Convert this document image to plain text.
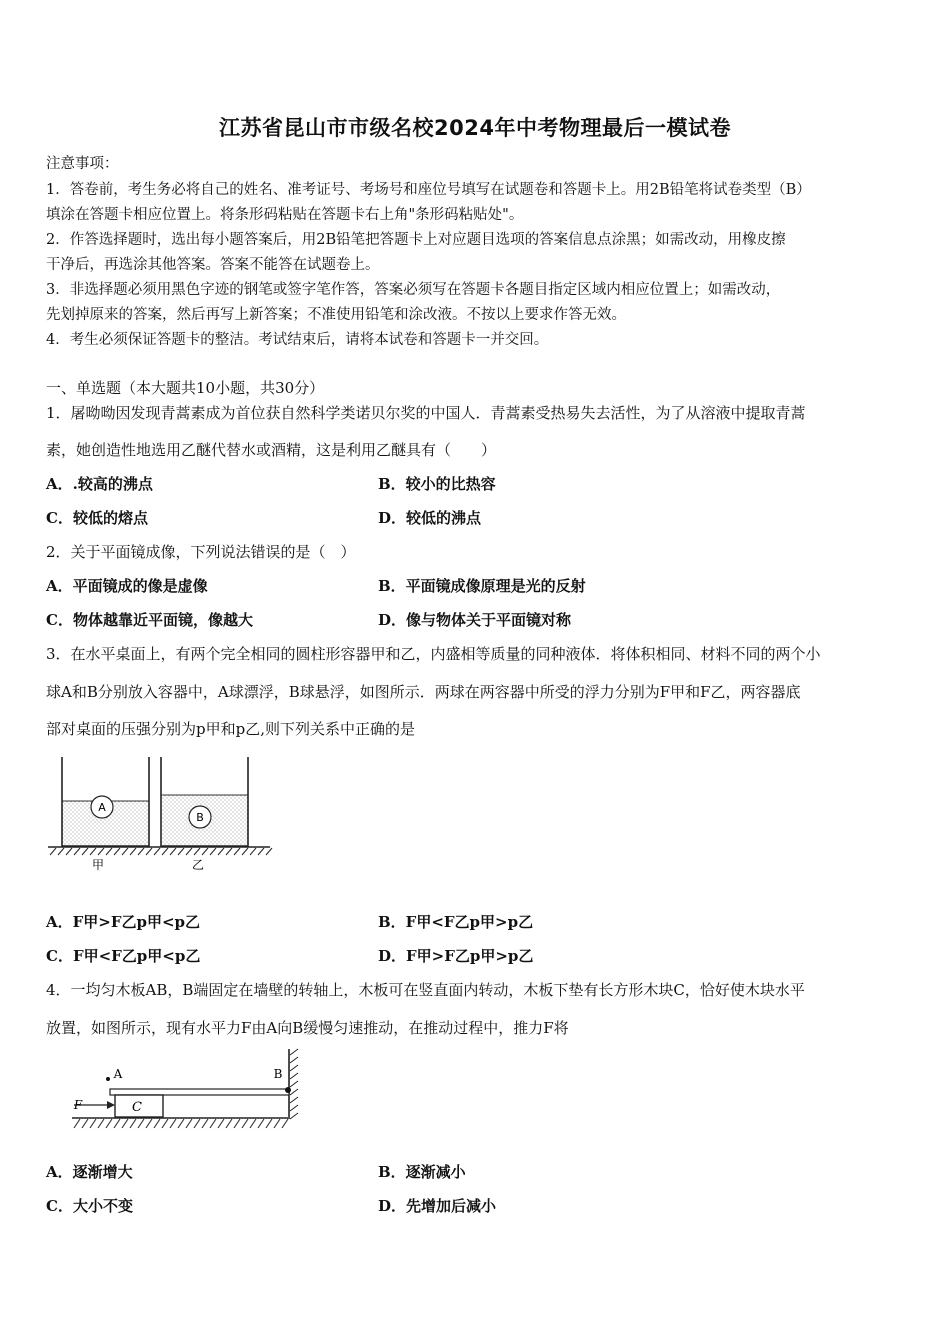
江苏省昆山市市级名校2024年中考物理最后一模试卷
注意事项：
1．答卷前，考生务必将自己的姓名、准考证号、考场号和座位号填写在试题卷和答题卡上。用2B铅笔将试卷类型（B）
填涂在答题卡相应位置上。将条形码粘贴在答题卡右上角"条形码粘贴处"。
2．作答选择题时，选出每小题答案后，用2B铅笔把答题卡上对应题目选项的答案信息点涂黑；如需改动，用橡皮擦
干净后，再选涂其他答案。答案不能答在试题卷上。
3．非选择题必须用黑色字迹的钢笔或签字笔作答，答案必须写在答题卡各题目指定区域内相应位置上；如需改动，
先划掉原来的答案，然后再写上新答案；不准使用铅笔和涂改液。不按以上要求作答无效。
4．考生必须保证答题卡的整洁。考试结束后，请将本试卷和答题卡一并交回。
一、单选题（本大题共10小题，共30分）
1．屠呦呦因发现青蒿素成为首位获自然科学类诺贝尔奖的中国人．青蒿素受热易失去活性，为了从溶液中提取青蒿
素，她创造性地选用乙醚代替水或酒精，这是利用乙醚具有（　　）
A．.较高的沸点	B．较小的比热容
C．较低的熔点	D．较低的沸点
2．关于平面镜成像，下列说法错误的是（　）
A．平面镜成的像是虚像	B．平面镜成像原理是光的反射
C．物体越靠近平面镜，像越大	D．像与物体关于平面镜对称
3．在水平桌面上，有两个完全相同的圆柱形容器甲和乙，内盛相等质量的同种液体．将体积相同、材料不同的两个小
球A和B分别放入容器中，A球漂浮，B球悬浮，如图所示．两球在两容器中所受的浮力分别为F甲和F乙，两容器底
部对桌面的压强分别为p甲和p乙,则下列关系中正确的是
A
B
甲	乙
A．F甲>F乙p甲<p乙	B．F甲<F乙p甲>p乙
C．F甲<F乙p甲<p乙	D．F甲>F乙p甲>p乙
4．一均匀木板AB，B端固定在墙壁的转轴上，木板可在竖直面内转动，木板下垫有长方形木块C，恰好使木块水平
放置，如图所示，现有水平力F由A向B缓慢匀速推动，在推动过程中，推力F将
C
B
A
F
A．逐渐增大	B．逐渐减小
C．大小不变	D．先增加后减小
